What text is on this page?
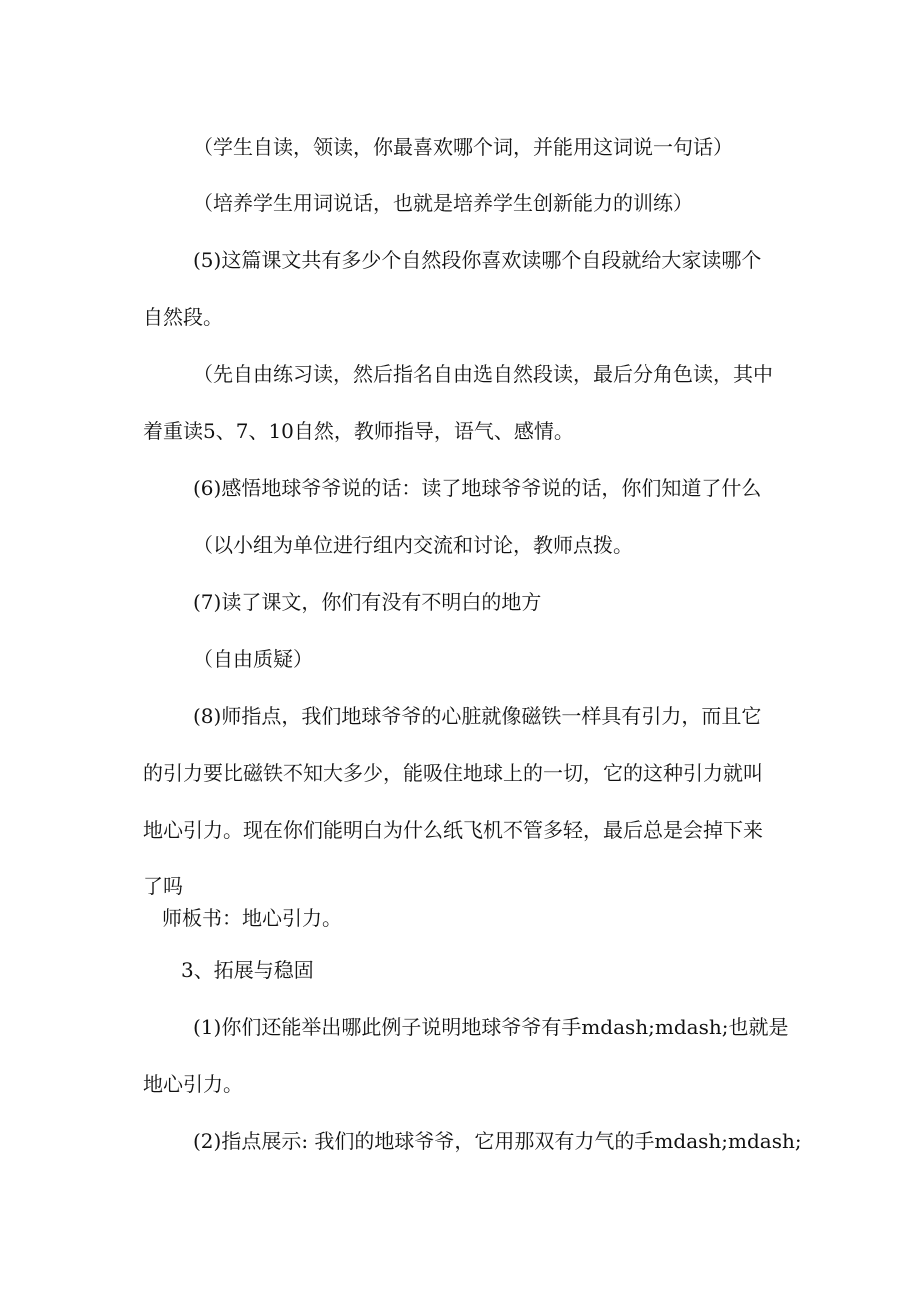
（学生自读，领读，你最喜欢哪个词，并能用这词说一句话）
（培养学生用词说话，也就是培养学生创新能力的训练）
(5)这篇课文共有多少个自然段你喜欢读哪个自段就给大家读哪个
自然段。
（先自由练习读，然后指名自由选自然段读，最后分角色读，其中
着重读5、7、10自然，教师指导，语气、感情。
(6)感悟地球爷爷说的话：读了地球爷爷说的话，你们知道了什么
（以小组为单位进行组内交流和讨论，教师点拨。
(7)读了课文，你们有没有不明白的地方
（自由质疑）
(8)师指点，我们地球爷爷的心脏就像磁铁一样具有引力，而且它
的引力要比磁铁不知大多少，能吸住地球上的一切，它的这种引力就叫
地心引力。现在你们能明白为什么纸飞机不管多轻，最后总是会掉下来
了吗
师板书：地心引力。
3、拓展与稳固
(1)你们还能举出哪此例子说明地球爷爷有手mdash;mdash;也就是
地心引力。
(2)指点展示: 我们的地球爷爷，它用那双有力气的手mdash;mdash;
